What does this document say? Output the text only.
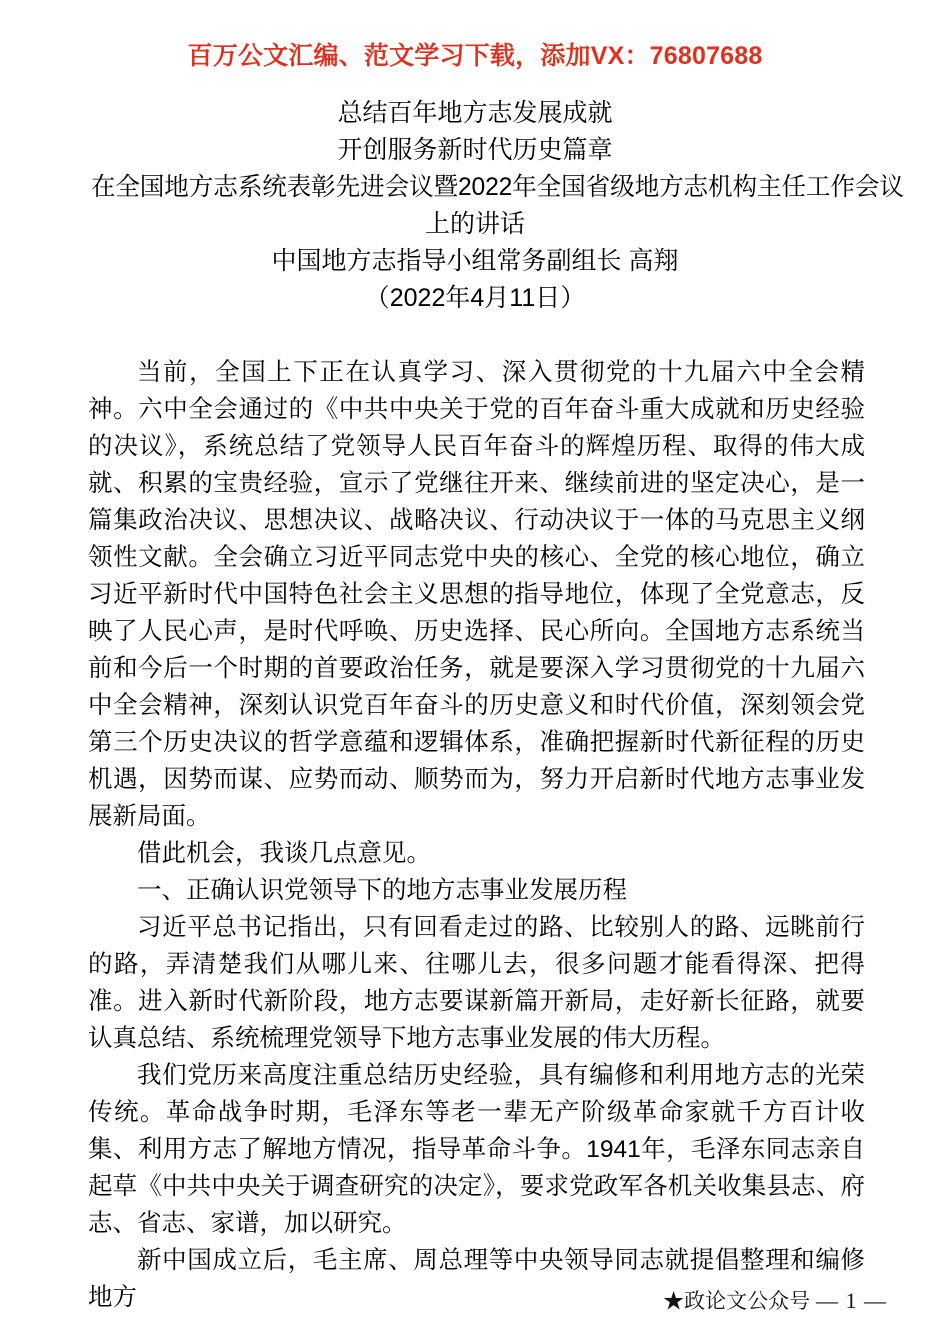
百万公文汇编、范文学习下载，添加VX：76807688
总结百年地方志发展成就
开创服务新时代历史篇章
在全国地方志系统表彰先进会议暨2022年全国省级地方志机构主任工作会议
上的讲话
中国地方志指导小组常务副组长 高翔
（2022年4月11日）

当前，全国上下正在认真学习、深入贯彻党的十九届六中全会精神。六中全会通过的《中共中央关于党的百年奋斗重大成就和历史经验的决议》，系统总结了党领导人民百年奋斗的辉煌历程、取得的伟大成就、积累的宝贵经验，宣示了党继往开来、继续前进的坚定决心，是一篇集政治决议、思想决议、战略决议、行动决议于一体的马克思主义纲领性文献。全会确立习近平同志党中央的核心、全党的核心地位，确立习近平新时代中国特色社会主义思想的指导地位，体现了全党意志，反映了人民心声，是时代呼唤、历史选择、民心所向。全国地方志系统当前和今后一个时期的首要政治任务，就是要深入学习贯彻党的十九届六中全会精神，深刻认识党百年奋斗的历史意义和时代价值，深刻领会党第三个历史决议的哲学意蕴和逻辑体系，准确把握新时代新征程的历史机遇，因势而谋、应势而动、顺势而为，努力开启新时代地方志事业发展新局面。

借此机会，我谈几点意见。

一、正确认识党领导下的地方志事业发展历程

习近平总书记指出，只有回看走过的路、比较别人的路、远眺前行的路，弄清楚我们从哪儿来、往哪儿去，很多问题才能看得深、把得准。进入新时代新阶段，地方志要谋新篇开新局，走好新长征路，就要认真总结、系统梳理党领导下地方志事业发展的伟大历程。

我们党历来高度注重总结历史经验，具有编修和利用地方志的光荣传统。革命战争时期，毛泽东等老一辈无产阶级革命家就千方百计收集、利用方志了解地方情况，指导革命斗争。1941年，毛泽东同志亲自起草《中共中央关于调查研究的决定》，要求党政军各机关收集县志、府志、省志、家谱，加以研究。

新中国成立后，毛主席、周总理等中央领导同志就提倡整理和编修地方	★政论文公众号 — 1 —
